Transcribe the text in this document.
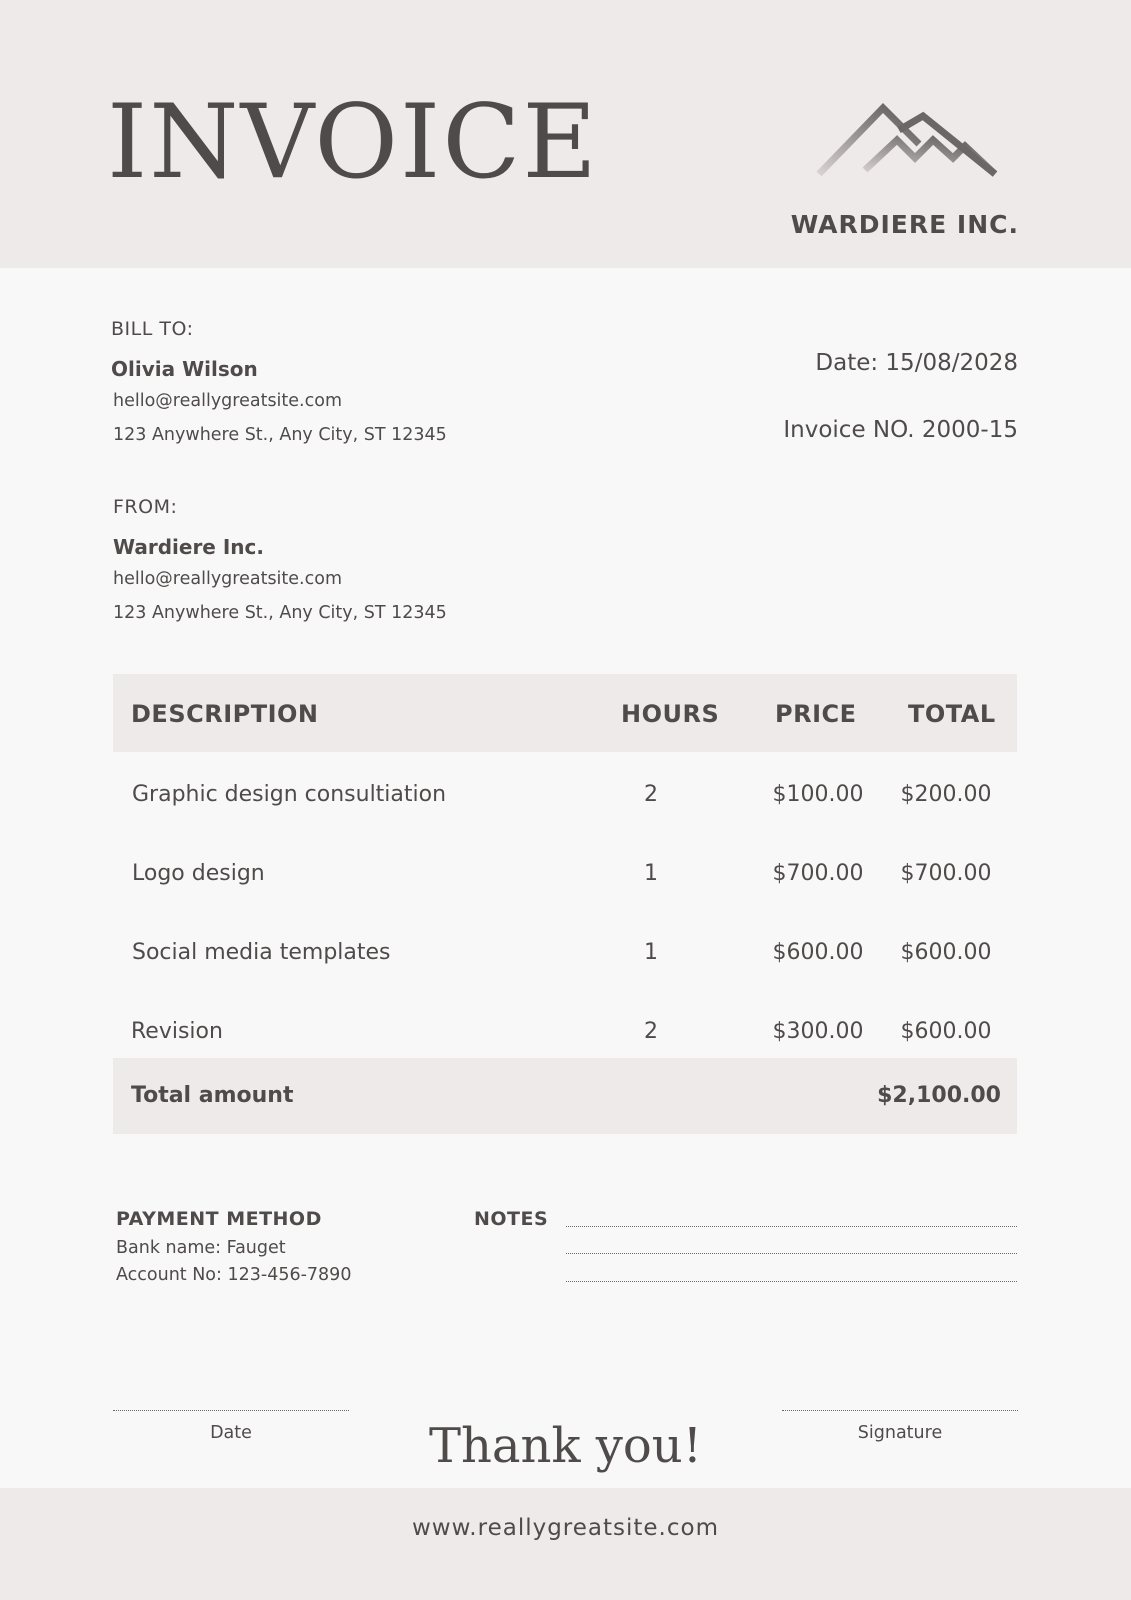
INVOICE
WARDIERE INC.
BILL TO:
Olivia Wilson
hello@reallygreatsite.com
123 Anywhere St., Any City, ST 12345
Date: 15/08/2028
Invoice NO. 2000-15
FROM:
Wardiere Inc.
hello@reallygreatsite.com
123 Anywhere St., Any City, ST 12345
DESCRIPTION	HOURS PRICE TOTAL
Graphic design consultiation	2	$100.00	$200.00
Logo design	1	$700.00	$700.00
Social media templates	1	$600.00	$600.00
Revision	2	$300.00	$600.00
Total amount	$2,100.00
PAYMENT METHOD
Bank name: Fauget
Account No: 123-456-7890
NOTES
Date	Signature
Thank you!
www.reallygreatsite.com
